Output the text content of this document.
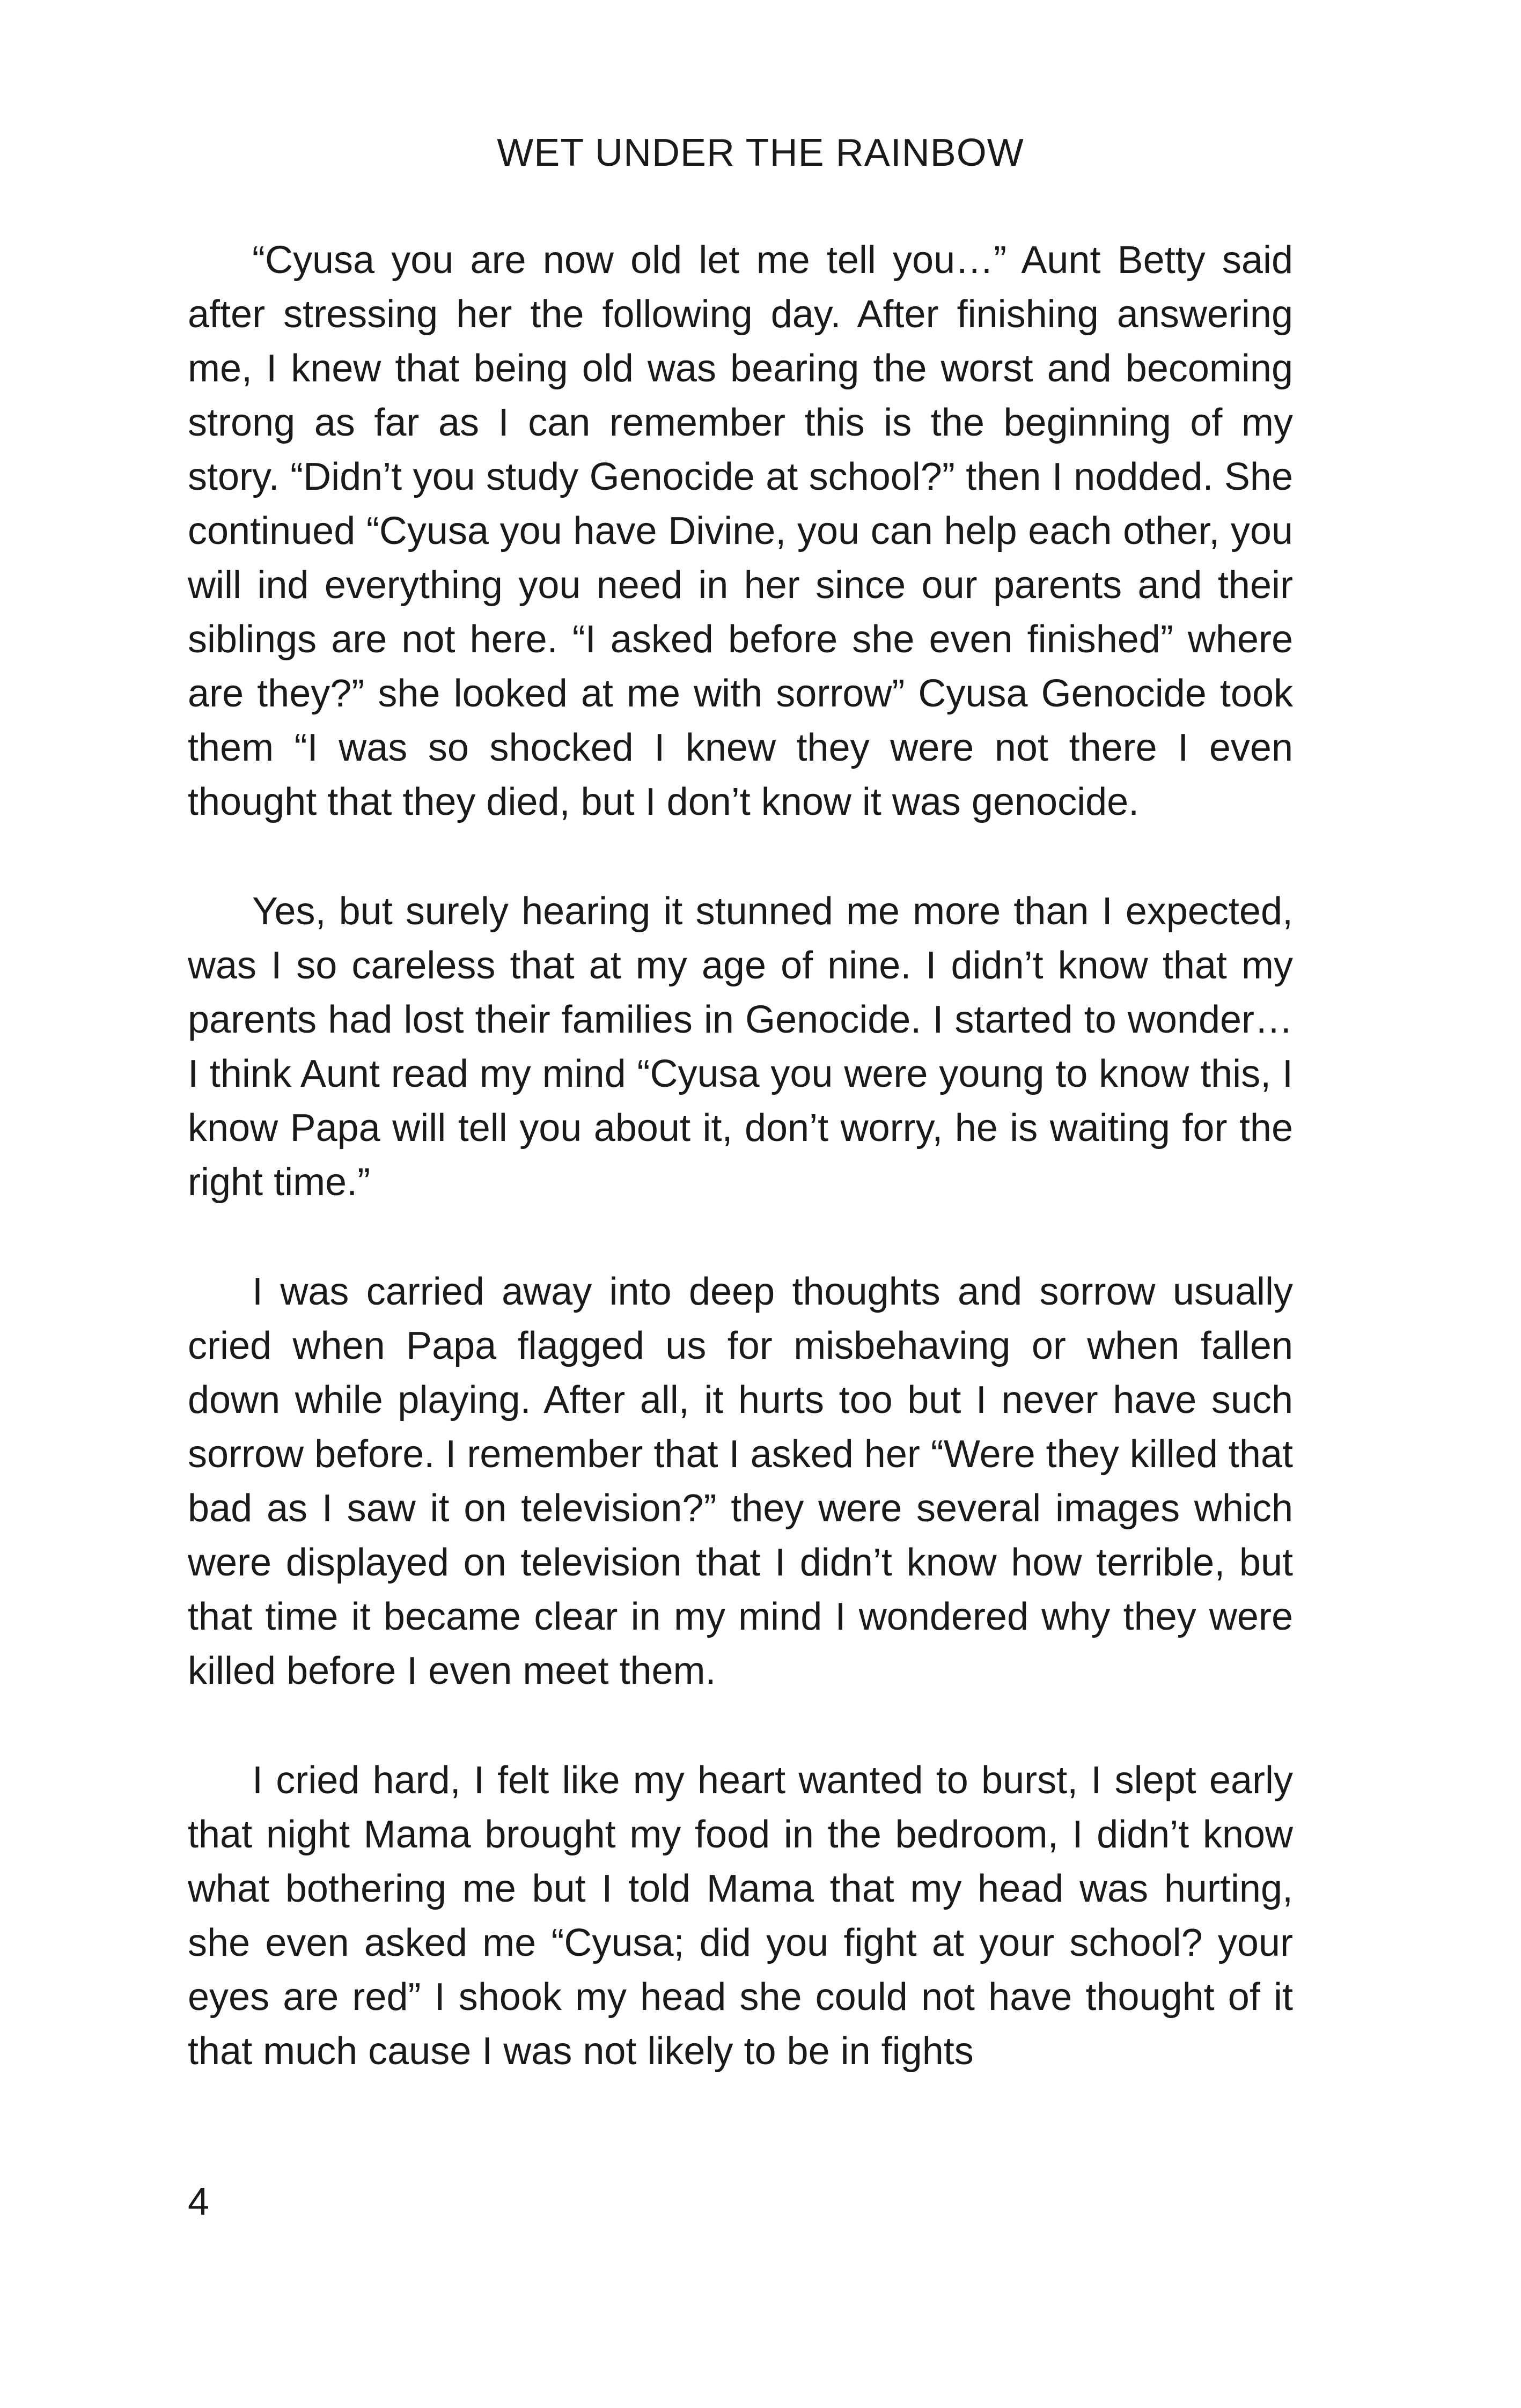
WET UNDER THE RAINBOW

“Cyusa you are now old let me tell you…” Aunt Betty said after stressing her the following day. After finishing answering me, I knew that being old was bearing the worst and becoming strong as far as I can remember this is the beginning of my story. “Didn’t you study Genocide at school?” then I nodded. She continued “Cyusa you have Divine, you can help each other, you will ind everything you need in her since our parents and their siblings are not here. “I asked before she even finished” where are they?” she looked at me with sorrow” Cyusa Genocide took them “I was so shocked I knew they were not there I even thought that they died, but I don’t know it was genocide.

Yes, but surely hearing it stunned me more than I expected, was I so careless that at my age of nine. I didn’t know that my parents had lost their families in Genocide. I started to wonder… I think Aunt read my mind “Cyusa you were young to know this, I know Papa will tell you about it, don’t worry, he is waiting for the right time.”

I was carried away into deep thoughts and sorrow usually cried when Papa flagged us for misbehaving or when fallen down while playing. After all, it hurts too but I never have such sorrow before. I remember that I asked her “Were they killed that bad as I saw it on television?” they were several images which were displayed on television that I didn’t know how terrible, but that time it became clear in my mind I wondered why they were killed before I even meet them.

I cried hard, I felt like my heart wanted to burst, I slept early that night Mama brought my food in the bedroom, I didn’t know what bothering me but I told Mama that my head was hurting, she even asked me “Cyusa; did you fight at your school? your eyes are red” I shook my head she could not have thought of it that much cause I was not likely to be in fights

4
